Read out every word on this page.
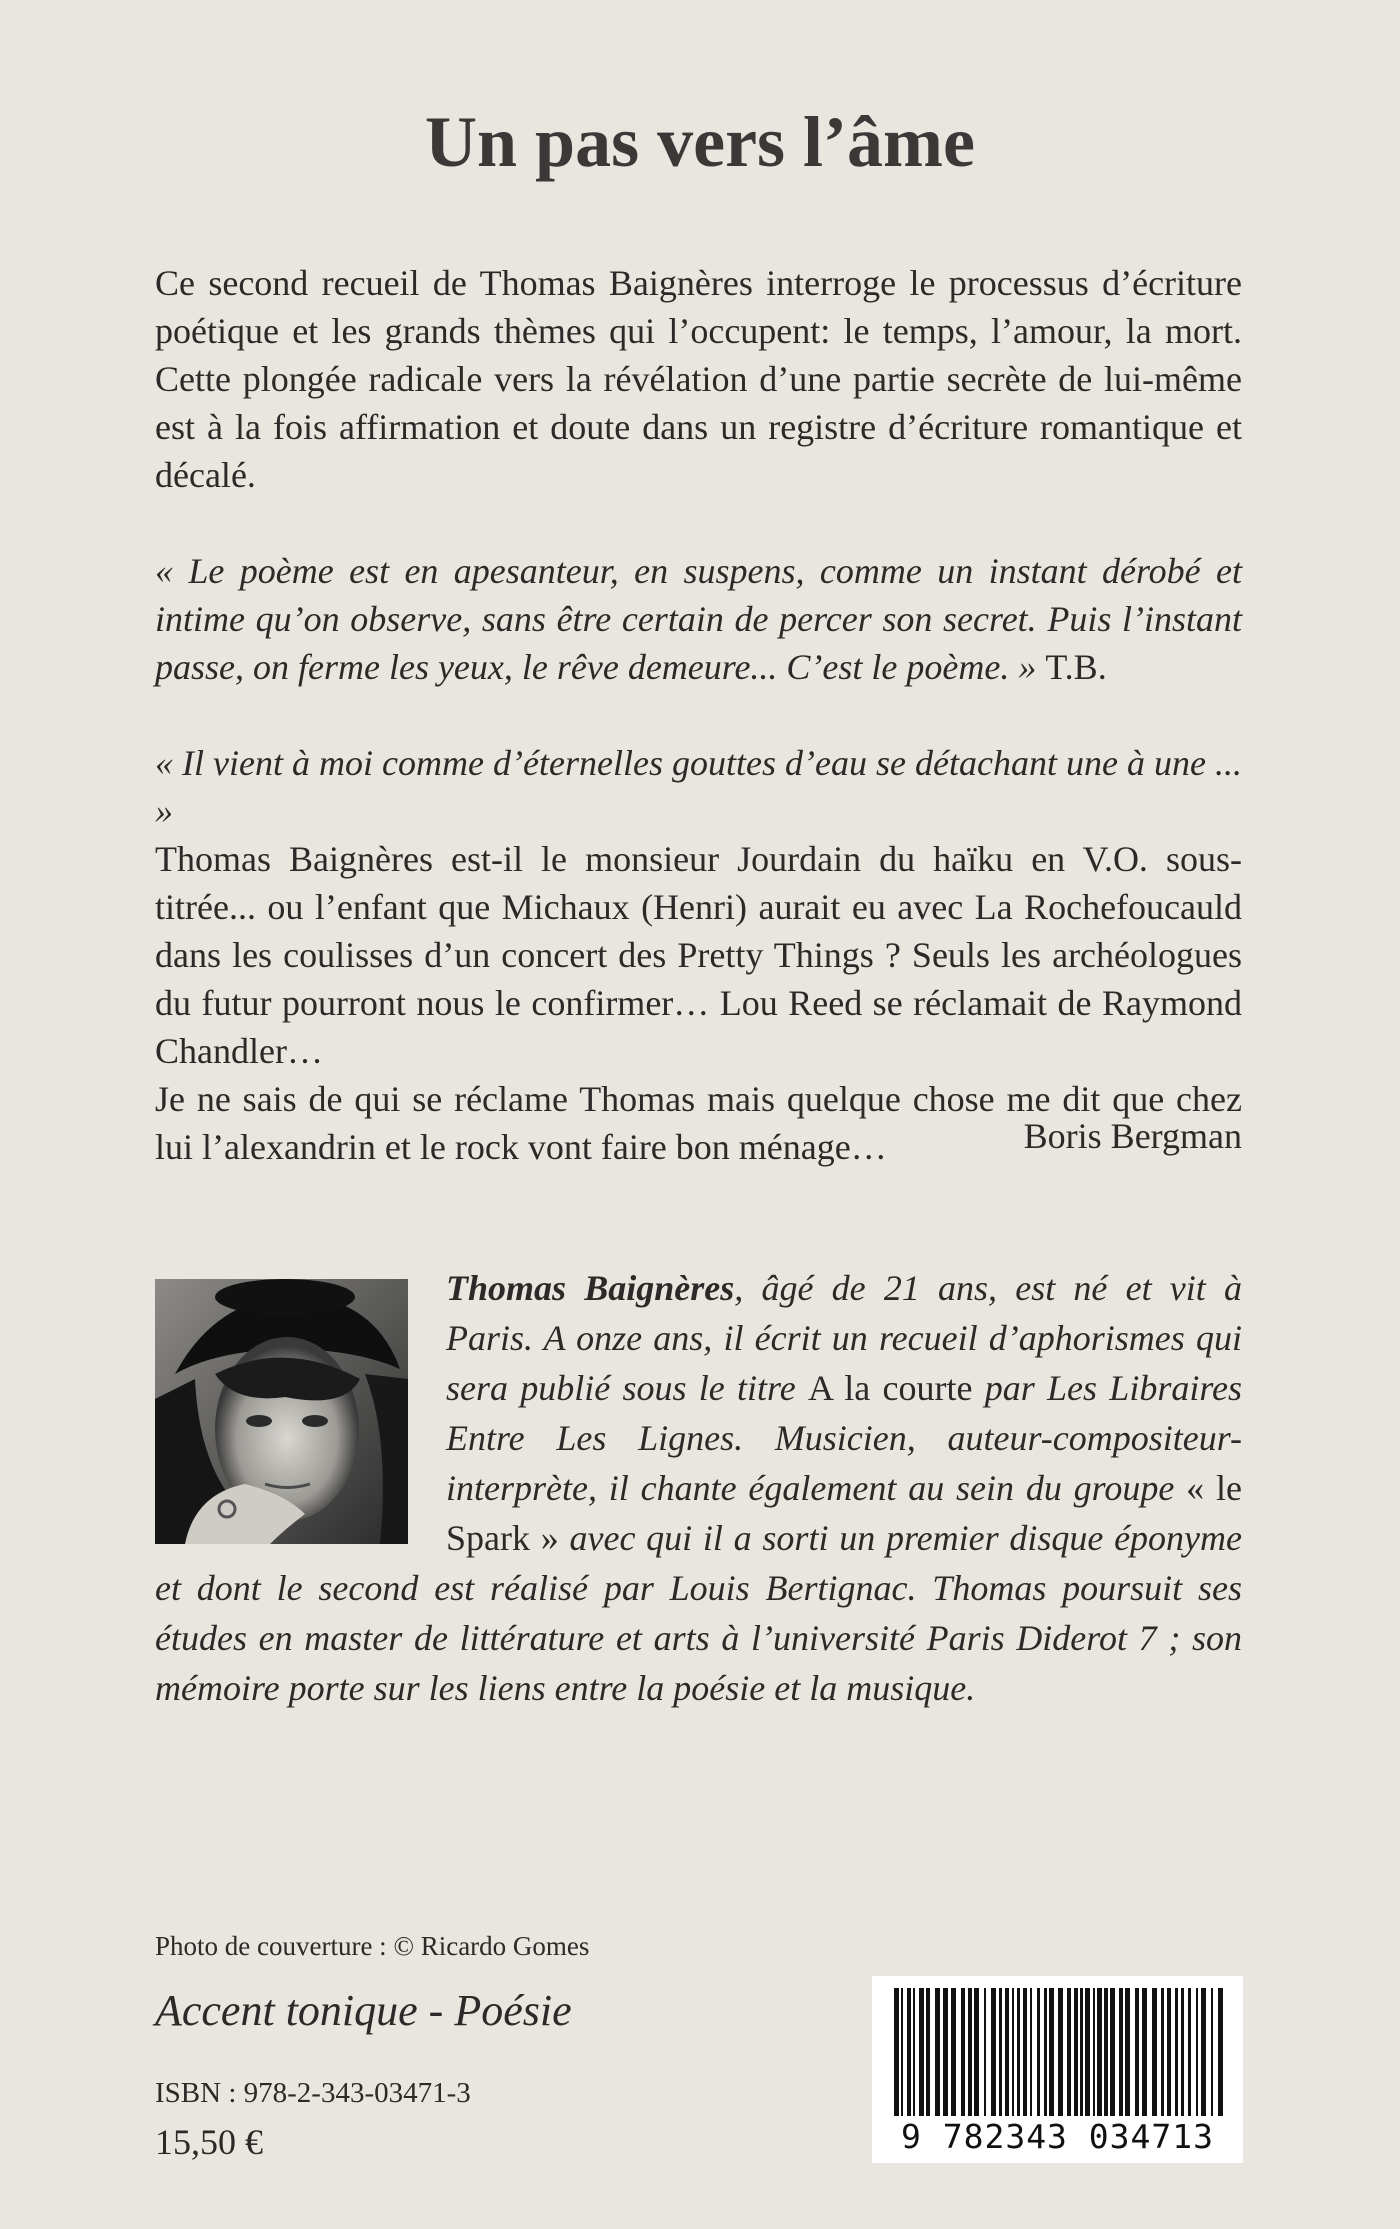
Un pas vers l’âme

Ce second recueil de Thomas Baignères interroge le processus d’écriture poétique et les grands thèmes qui l’occupent: le temps, l’amour, la mort. Cette plongée radicale vers la révélation d’une partie secrète de lui-même est à la fois affirmation et doute dans un registre d’écriture romantique et décalé.

« Le poème est en apesanteur, en suspens, comme un instant dérobé et intime qu’on observe, sans être certain de percer son secret. Puis l’instant passe, on ferme les yeux, le rêve demeure... C’est le poème. » T.B.

« Il vient à moi comme d’éternelles gouttes d’eau se détachant une à une ... »
Thomas Baignères est-il le monsieur Jourdain du haïku en V.O. sous-titrée... ou l’enfant que Michaux (Henri) aurait eu avec La Rochefoucauld dans les coulisses d’un concert des Pretty Things ? Seuls les archéologues du futur pourront nous le confirmer… Lou Reed se réclamait de Raymond Chandler…
Je ne sais de qui se réclame Thomas mais quelque chose me dit que chez lui l’alexandrin et le rock vont faire bon ménage…	Boris Bergman

Thomas Baignères, âgé de 21 ans, est né et vit à Paris. A onze ans, il écrit un recueil d’aphorismes qui sera publié sous le titre A la courte par Les Libraires Entre Les Lignes. Musicien, auteur-compositeur-interprète, il chante également au sein du groupe « le Spark » avec qui il a sorti un premier disque éponyme et dont le second est réalisé par Louis Bertignac. Thomas poursuit ses études en master de littérature et arts à l’université Paris Diderot 7 ; son mémoire porte sur les liens entre la poésie et la musique.

Photo de couverture : © Ricardo Gomes

Accent tonique - Poésie

ISBN : 978-2-343-03471-3

15,50 €	9 782343 034713
